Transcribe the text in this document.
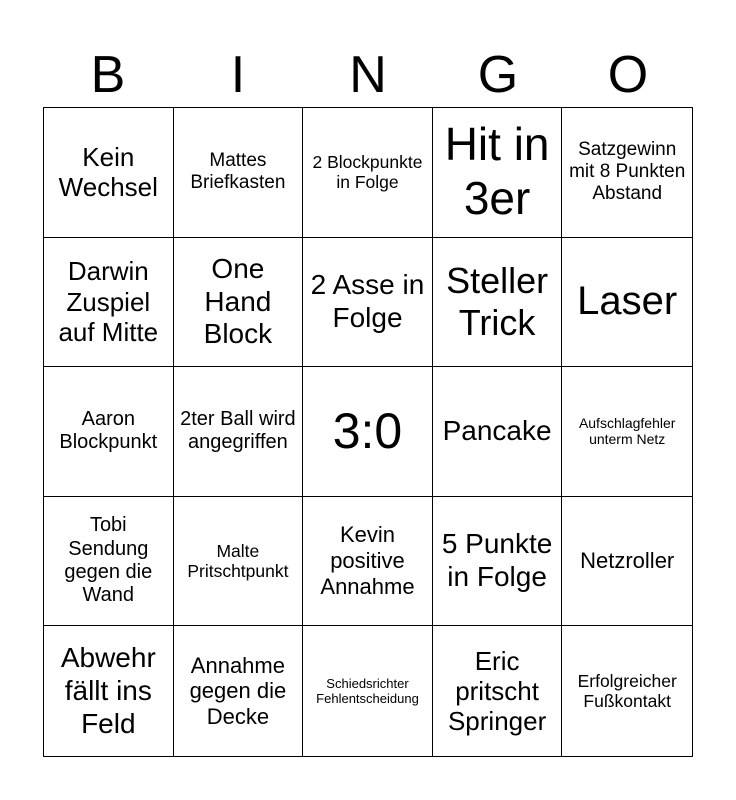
B	I	N	G	O
Kein Wechsel
Mattes Briefkasten
2 Blockpunkte in Folge
Hit in 3er
Satzgewinn mit 8 Punkten Abstand
Darwin Zuspiel auf Mitte
One Hand Block
2 Asse in Folge
Steller Trick	Laser
Aaron Blockpunkt
2ter Ball wird angegriffen 3:0 Pancake	Aufschlagfehler unterm Netz
Tobi Sendung gegen die Wand
Malte Pritschtpunkt
Kevin positive Annahme
5 Punkte in Folge
Netzroller
Abwehr fällt ins Feld
Annahme gegen die Decke
Schiedsrichter Fehlentscheidung
Eric pritscht Springer
Erfolgreicher Fußkontakt
